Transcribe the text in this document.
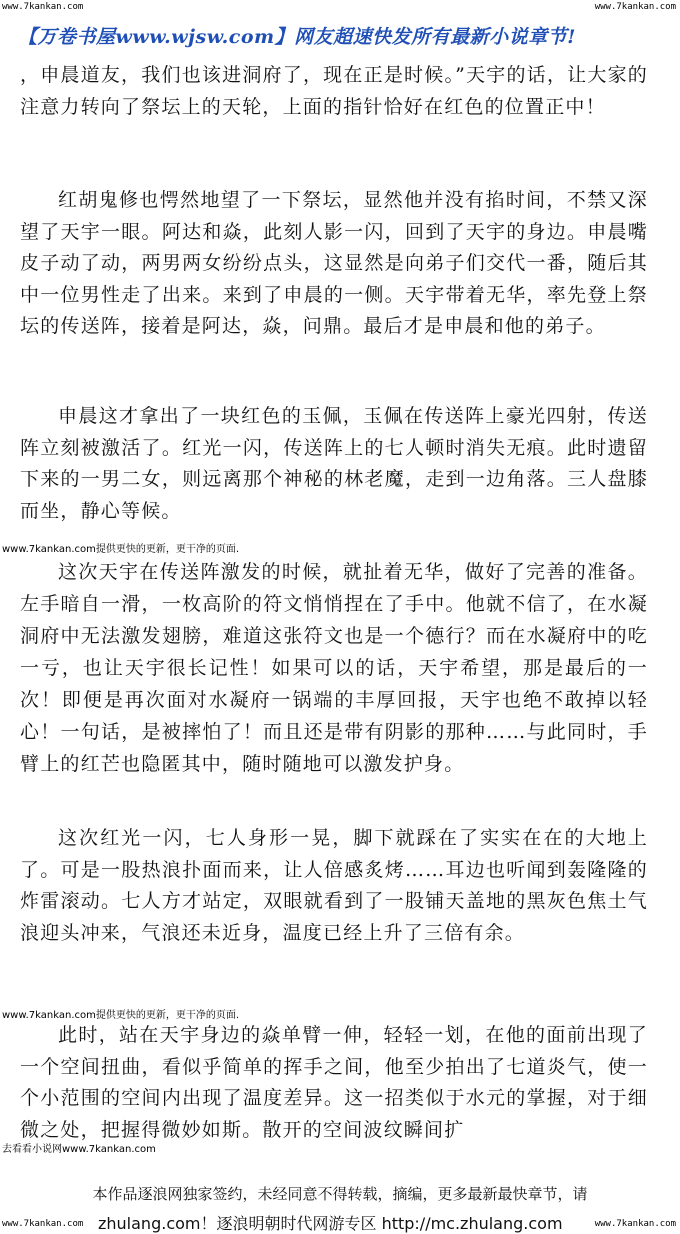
www.7kankan.com	www.7kankan.com
【万卷书屋www.wjsw.com】网友超速快发所有最新小说章节!

，申晨道友，我们也该进洞府了，现在正是时候。”天宇的话，让大家的注意力转向了祭坛上的天轮，上面的指针恰好在红色的位置正中！

红胡鬼修也愕然地望了一下祭坛，显然他并没有掐时间，不禁又深望了天宇一眼。阿达和焱，此刻人影一闪，回到了天宇的身边。申晨嘴皮子动了动，两男两女纷纷点头，这显然是向弟子们交代一番，随后其中一位男性走了出来。来到了申晨的一侧。天宇带着无华，率先登上祭坛的传送阵，接着是阿达，焱，问鼎。最后才是申晨和他的弟子。

申晨这才拿出了一块红色的玉佩，玉佩在传送阵上豪光四射，传送阵立刻被激活了。红光一闪，传送阵上的七人顿时消失无痕。此时遗留下来的一男二女，则远离那个神秘的林老魔，走到一边角落。三人盘膝而坐，静心等候。

www.7kankan.com提供更快的更新，更干净的页面.

这次天宇在传送阵激发的时候，就扯着无华，做好了完善的准备。左手暗自一滑，一枚高阶的符文悄悄捏在了手中。他就不信了，在水凝洞府中无法激发翅膀，难道这张符文也是一个德行？而在水凝府中的吃一亏，也让天宇很长记性！如果可以的话，天宇希望，那是最后的一次！即便是再次面对水凝府一锅端的丰厚回报，天宇也绝不敢掉以轻心！一句话，是被摔怕了！而且还是带有阴影的那种……与此同时，手臂上的红芒也隐匿其中，随时随地可以激发护身。

这次红光一闪，七人身形一晃，脚下就踩在了实实在在的大地上了。可是一股热浪扑面而来，让人倍感炙烤……耳边也听闻到轰隆隆的炸雷滚动。七人方才站定，双眼就看到了一股铺天盖地的黑灰色焦土气浪迎头冲来，气浪还未近身，温度已经上升了三倍有余。

www.7kankan.com提供更快的更新，更干净的页面.

此时，站在天宇身边的焱单臂一伸，轻轻一划，在他的面前出现了一个空间扭曲，看似乎简单的挥手之间，他至少拍出了七道炎气，使一个小范围的空间内出现了温度差异。这一招类似于水元的掌握，对于细微之处，把握得微妙如斯。散开的空间波纹瞬间扩

去看看小说网www.7kankan.com
本作品逐浪网独家签约，未经同意不得转载，摘编，更多最新最快章节，请
zhulang.com！逐浪明朝时代网游专区 http://mc.zhulang.com
www.7kankan.com	www.7kankan.com
